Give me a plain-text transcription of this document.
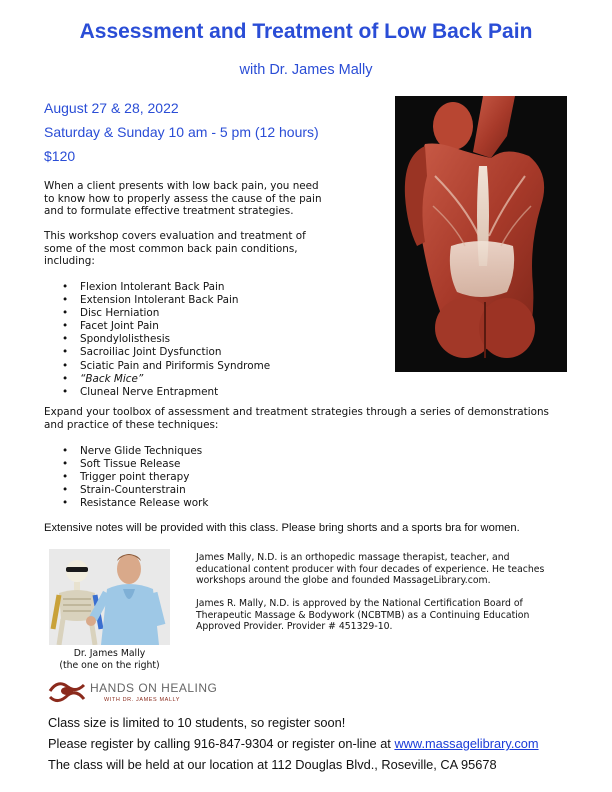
Assessment and Treatment of Low Back Pain
with Dr. James Mally
August 27 & 28, 2022
Saturday & Sunday 10 am - 5 pm (12 hours)
$120
When a client presents with low back pain, you need
to know how to properly assess the cause of the pain
and to formulate effective treatment strategies.
This workshop covers evaluation and treatment of
some of the most common back pain conditions,
including:
• Flexion Intolerant Back Pain
• Extension Intolerant Back Pain
• Disc Herniation
• Facet Joint Pain
• Spondylolisthesis
• Sacroiliac Joint Dysfunction
• Sciatic Pain and Piriformis Syndrome
• “Back Mice”
• Cluneal Nerve Entrapment
Expand your toolbox of assessment and treatment strategies through a series of demonstrations
and practice of these techniques:
• Nerve Glide Techniques
• Soft Tissue Release
• Trigger point therapy
• Strain-Counterstrain
• Resistance Release work
Extensive notes will be provided with this class. Please bring shorts and a sports bra for women.
Dr. James Mally
(the one on the right)
James Mally, N.D. is an orthopedic massage therapist, teacher, and
educational content producer with four decades of experience. He teaches
workshops around the globe and founded MassageLibrary.com.
James R. Mally, N.D. is approved by the National Certification Board of
Therapeutic Massage & Bodywork (NCBTMB) as a Continuing Education
Approved Provider. Provider # 451329-10.
HANDS ON HEALING
WITH DR. JAMES MALLY
Class size is limited to 10 students, so register soon!
Please register by calling 916-847-9304 or register on-line at www.massagelibrary.com
The class will be held at our location at 112 Douglas Blvd., Roseville, CA 95678
